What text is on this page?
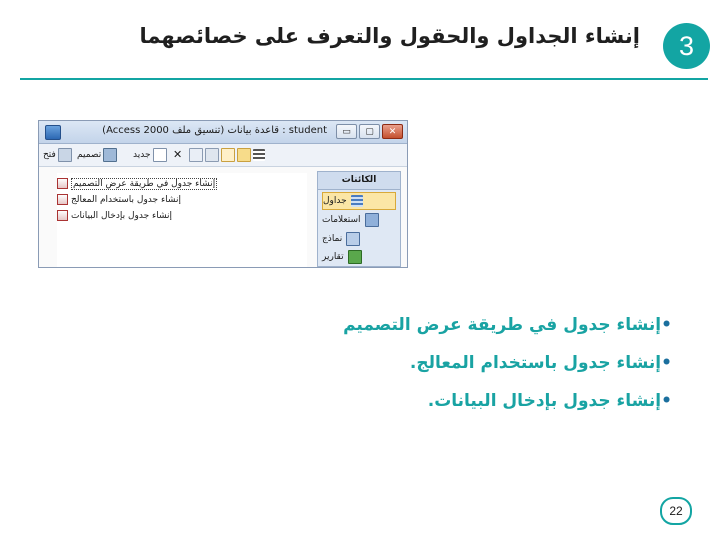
إنشاء الجداول والحقول والتعرف على خصائصهما 3
student : قاعدة بيانات (تنسيق ملف Access 2000)	▭	▢	✕
فتح تصميم	جديد ✕
إنشاء جدول في طريقة عرض التصميم
إنشاء جدول باستخدام المعالج
إنشاء جدول بإدخال البيانات
الكائنات
جداول
استعلامات
نماذج
تقارير
•إنشاء جدول في طريقة عرض التصميم
•إنشاء جدول باستخدام المعالج.
•إنشاء جدول بإدخال البيانات.
22
